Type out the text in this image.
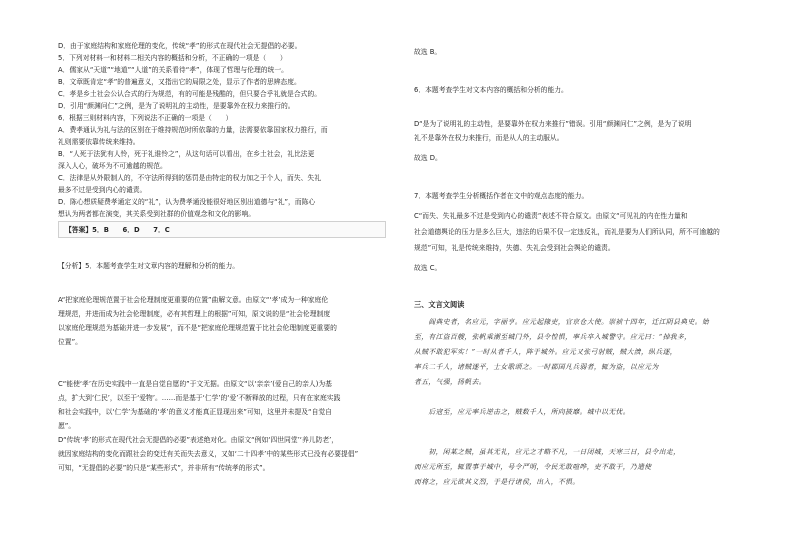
D．由于家庭结构和家庭伦理的变化，传统“孝”的形式在现代社会无提倡的必要。
5．下列对材料一和材料二相关内容的概括和分析，不正确的一项是（　　）
A．儒家从“天道”“地道”“人道”的关系看待“孝”，体现了哲理与伦理的统一。
B．文章既肯定“孝”的普遍意义，又指出它的局限之处，显示了作者的思辨态度。
C．孝是乡土社会公认合式的行为规范，有的可能是残酷的，但只要合乎礼就是合式的。
D．引用“颜渊问仁”之例，是为了说明礼的主动性，是要靠外在权力来推行的。
6．根据三则材料内容，下列说法不正确的一项是（　　）
A．费孝通认为礼与法的区别在于维持规范时所依靠的力量，法需要依靠国家权力推行，而
礼则需要依靠传统来维持。
B．“人死于法犹有人怜，死于礼谁怜之”，从这句话可以看出，在乡土社会，礼比法更
深入人心，破坏为不可逾越的规范。
C．法律是从外限制人的，不守法所得到的惩罚是由特定的权力加之于个人，而失、失礼
最多不过是受到内心的谴责。
D．陈心想质疑费孝通定义的“礼”，认为费孝通没能很好地区别出道德与“礼”，而陈心
想认为两者都在演变，其关系受到社群的价值观念和文化的影响。
【答案】5．B　　6．D　　7．C
【分析】5．本题考查学生对文章内容的理解和分析的能力。
A“把家庭伦理规范置于社会伦理制度更重要的位置”曲解文意。由原文“‘孝’成为一种家庭伦
理规范，并进而成为社会伦理制度，必有其哲理上的根据”可知，原文说的是“社会伦理制度
以家庭伦理规范为基础并进一步发展”，而不是“把家庭伦理规范置于比社会伦理制度更重要的
位置”。
C“能使‘孝’在历史实践中一直是自觉自愿的”于文无据。由原文“以‘亲亲’(爱自己的亲人)为基
点，扩大到‘仁民’，以至于‘爱物’。……而是基于‘仁学’的‘爱’不断释放的过程，只有在家庭实践
和社会实践中，以‘仁学’为基础的‘孝’的意义才能真正显现出来”可知，这里并未提及“自觉自
愿”。
D“传统‘孝’的形式在现代社会无提倡的必要”表述绝对化。由原文“例如‘四世同堂’‘养儿防老’，
就因家庭结构的变化而跟社会的变迁有关而失去意义，又如‘二十四孝’中的某些形式已没有必要提倡”
可知，“无提倡的必要”的只是“某些形式”，并非所有“传统孝的形式”。
故选 B。
6．本题考查学生对文本内容的概括和分析的能力。
D“是为了说明礼的主动性，是要靠外在权力来推行”错误。引用“颜渊问仁”之例，是为了说明
礼不是靠外在权力来推行，而是从人的主动服从。
故选 D。
7．本题考查学生分析概括作者在文中的观点态度的能力。
C“而失、失礼最多不过是受到内心的谴责”表述不符合原文。由原文“可见礼的内在性力量和
社会道德舆论的压力是多么巨大，违法的后果不仅一定违反礼，而礼是要为人们所认同，所不可逾越的
规范”可知，礼是传统来维持，失德、失礼会受到社会舆论的谴责。
故选 C。
三、文言文阅读
　　阎典史者，名应元，字丽亨。应元起掾吏，官京仓大使。崇祯十四年，迁江阴县典史。始
至，有江盗百艘，张帆乘潮至城门外，县令惶惧，率兵卒入城警守。应元曰：“掉我多，
从贼不敢犯军实！”一时从者千人，阵于城外。应元又张弓射贼，贼大溃，纵兵逐，
率兵二千人，诸贼遂平，士女歌颂之。一时郡国凡兵弱者，辄为盗，以应元为
者五，气强，扬帆去。
　　后寇至，应元率兵逆击之，贼数千人，所向披靡。城中以无忧。
　　初，闲某之贼，虽其无礼，应元之才略不凡，一日闭城，天寒三日，县令出走，
而应元所至，辄置事于城中，号令严明，令民无敢喧哗，吏不敢干，乃遣使
而将之，应元欲其义烈，于是行诸侯，出入，不惧。
